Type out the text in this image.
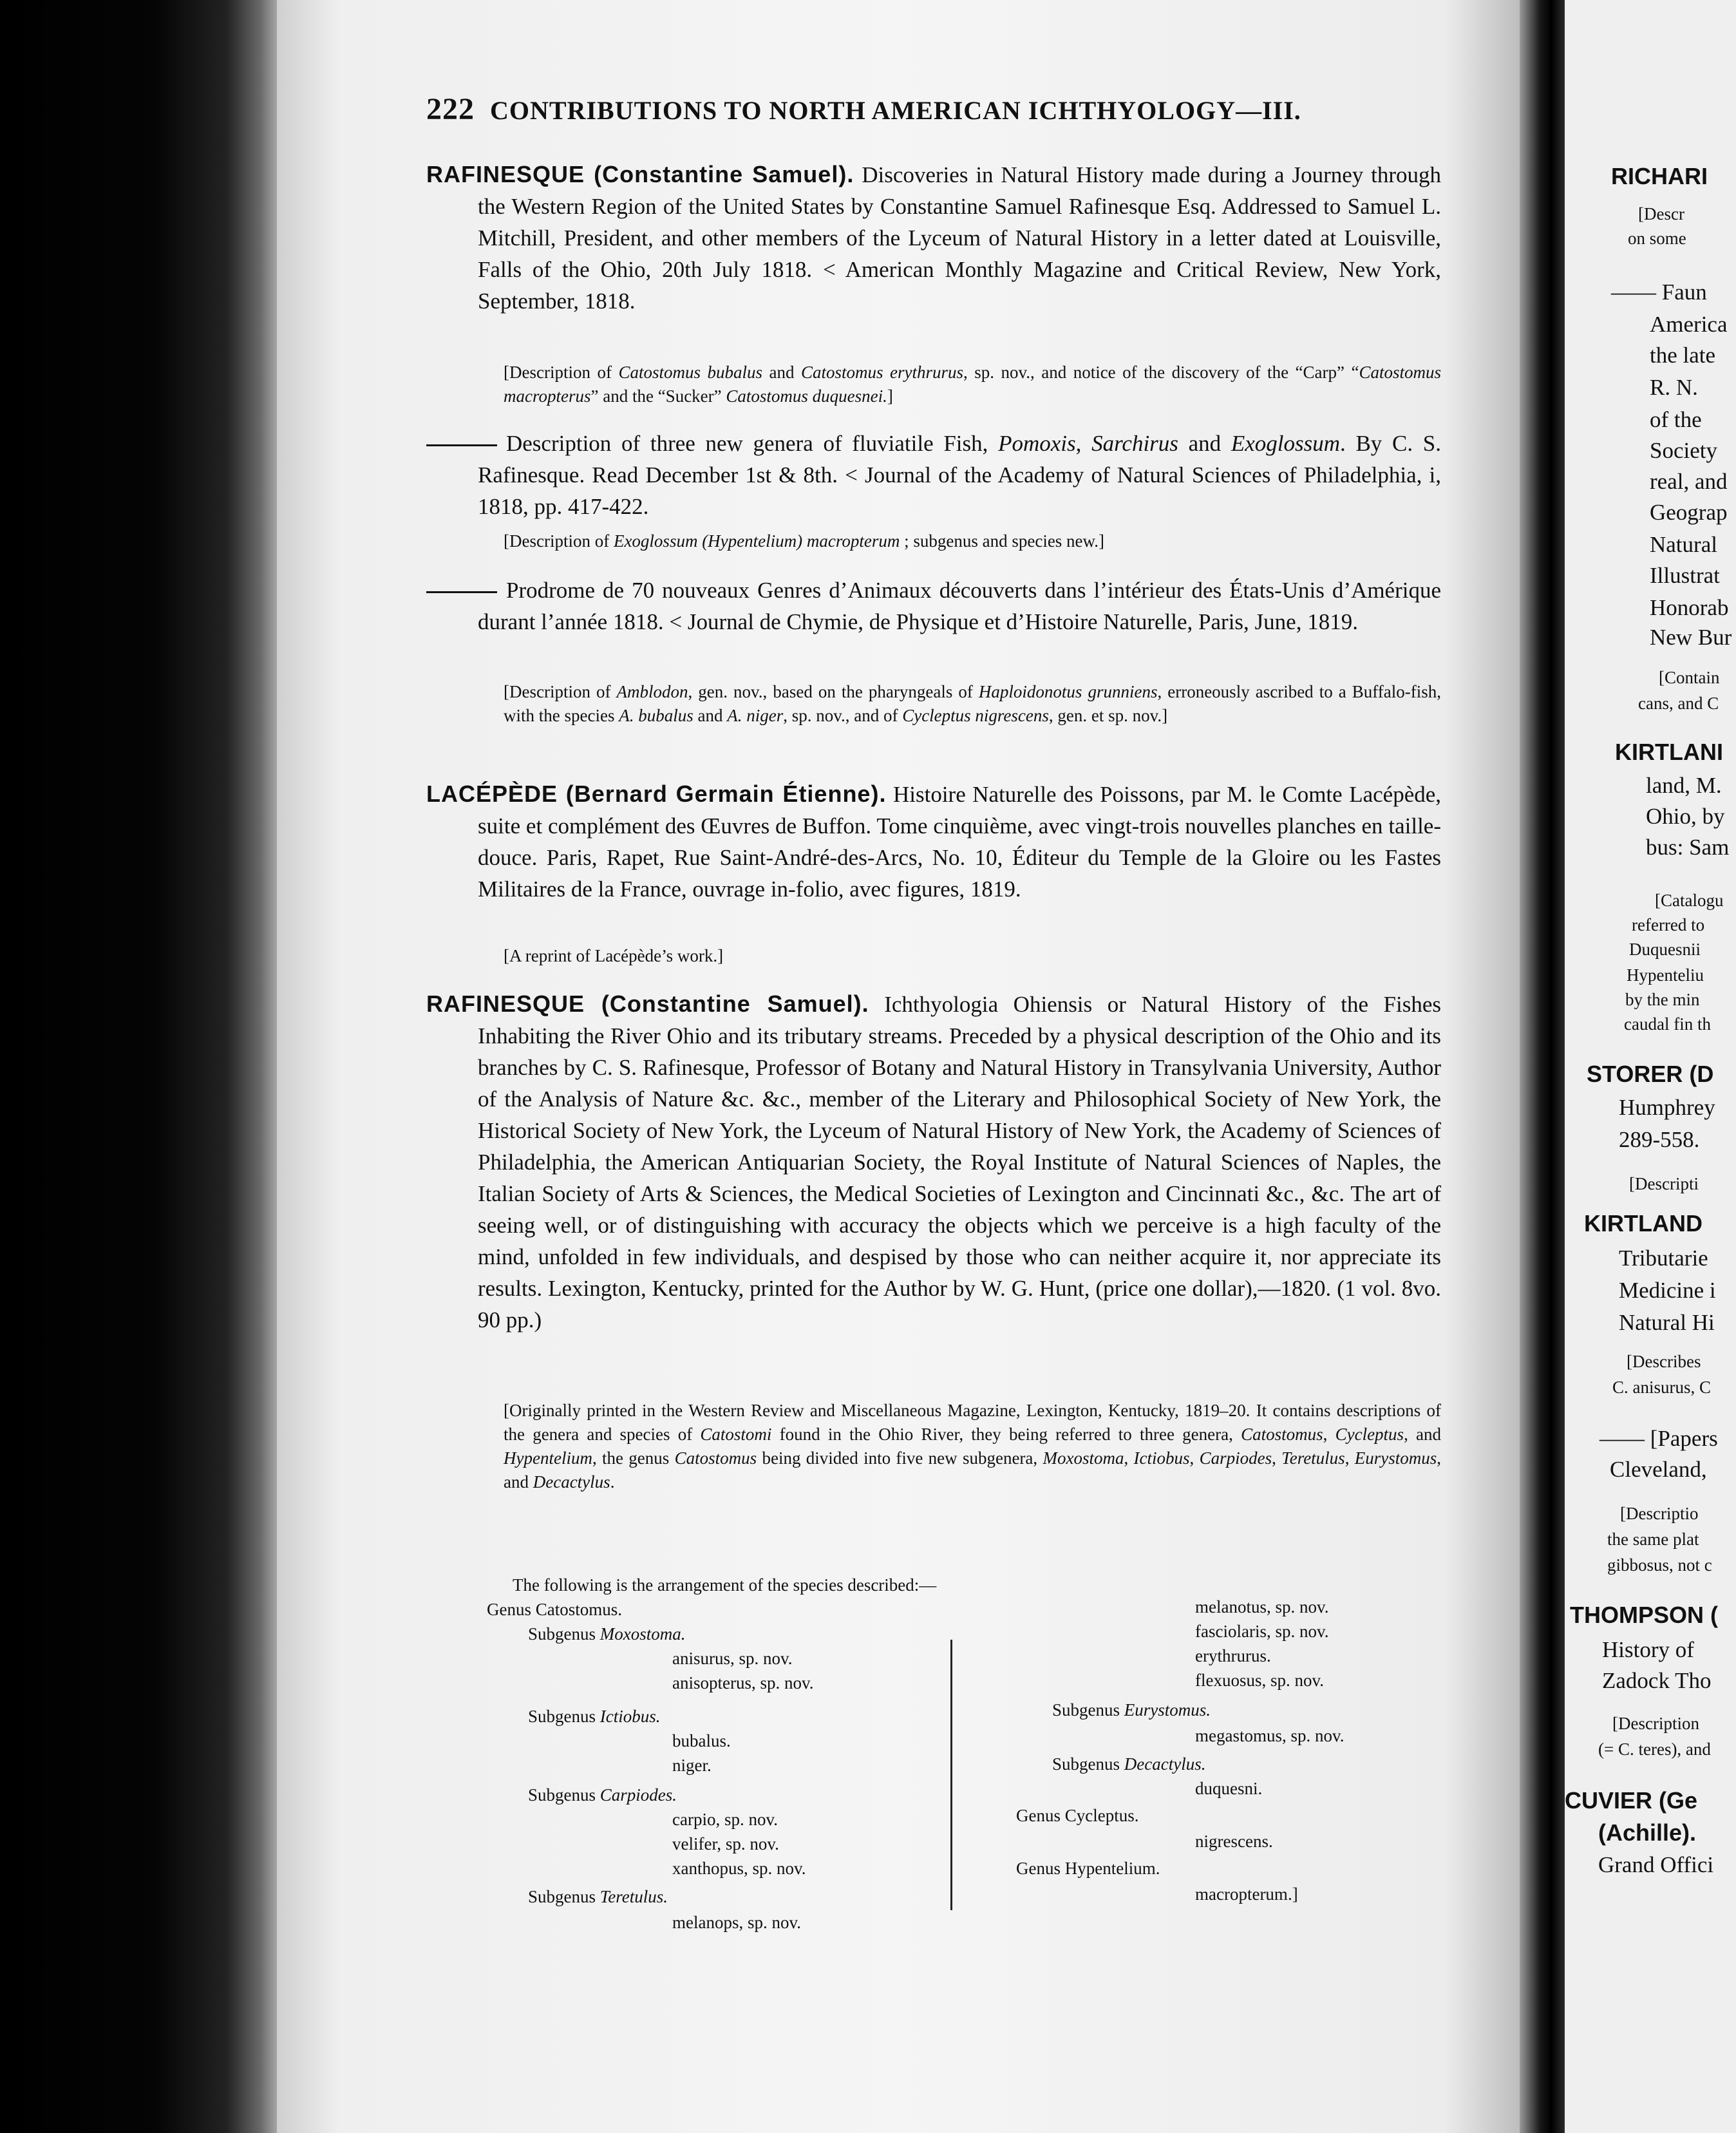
222 CONTRIBUTIONS TO NORTH AMERICAN ICHTHYOLOGY—III.
RAFINESQUE (Constantine Samuel). Discoveries in Natural History made during a Journey through the Western Region of the United States by Constantine Samuel Rafinesque Esq. Addressed to Samuel L. Mitchill, President, and other members of the Lyceum of Natural History in a letter dated at Louisville, Falls of the Ohio, 20th July 1818. < American Monthly Magazine and Critical Review, New York, September, 1818.
[Description of Catostomus bubalus and Catostomus erythrurus, sp. nov., and notice of the discovery of the “Carp” “Catostomus macropterus” and the “Sucker” Catostomus duquesnei.]
Description of three new genera of fluviatile Fish, Pomoxis, Sarchirus and Exoglossum. By C. S. Rafinesque. Read December 1st & 8th. < Journal of the Academy of Natural Sciences of Philadelphia, i, 1818, pp. 417-422.
[Description of Exoglossum (Hypentelium) macropterum ; subgenus and species new.]
Prodrome de 70 nouveaux Genres d’Animaux découverts dans l’intérieur des États-Unis d’Amérique durant l’année 1818. < Journal de Chymie, de Physique et d’Histoire Naturelle, Paris, June, 1819.
[Description of Amblodon, gen. nov., based on the pharyngeals of Haploidonotus grunniens, erroneously ascribed to a Buffalo-fish, with the species A. bubalus and A. niger, sp. nov., and of Cycleptus nigrescens, gen. et sp. nov.]
LACÉPÈDE (Bernard Germain Étienne). Histoire Naturelle des Poissons, par M. le Comte Lacépède, suite et complément des Œuvres de Buffon. Tome cinquième, avec vingt-trois nouvelles planches en taille-douce. Paris, Rapet, Rue Saint-André-des-Arcs, No. 10, Éditeur du Temple de la Gloire ou les Fastes Militaires de la France, ouvrage in-folio, avec figures, 1819.
[A reprint of Lacépède’s work.]
RAFINESQUE (Constantine Samuel). Ichthyologia Ohiensis or Natural History of the Fishes Inhabiting the River Ohio and its tributary streams. Preceded by a physical description of the Ohio and its branches by C. S. Rafinesque, Professor of Botany and Natural History in Transylvania University, Author of the Analysis of Nature &c. &c., member of the Literary and Philosophical Society of New York, the Historical Society of New York, the Lyceum of Natural History of New York, the Academy of Sciences of Philadelphia, the American Antiquarian Society, the Royal Institute of Natural Sciences of Naples, the Italian Society of Arts & Sciences, the Medical Societies of Lexington and Cincinnati &c., &c. The art of seeing well, or of distinguishing with accuracy the objects which we perceive is a high faculty of the mind, unfolded in few individuals, and despised by those who can neither acquire it, nor appreciate its results. Lexington, Kentucky, printed for the Author by W. G. Hunt, (price one dollar),—1820. (1 vol. 8vo. 90 pp.)
[Originally printed in the Western Review and Miscellaneous Magazine, Lexington, Kentucky, 1819–20. It contains descriptions of the genera and species of Catostomi found in the Ohio River, they being referred to three genera, Catostomus, Cycleptus, and Hypentelium, the genus Catostomus being divided into five new subgenera, Moxostoma, Ictiobus, Carpiodes, Teretulus, Eurystomus, and Decactylus.
The following is the arrangement of the species described:—
Genus Catostomus.
Subgenus Moxostoma.
anisurus, sp. nov.
anisopterus, sp. nov.
Subgenus Ictiobus.
bubalus.
niger.
Subgenus Carpiodes.
carpio, sp. nov.
velifer, sp. nov.
xanthopus, sp. nov.
Subgenus Teretulus.
melanops, sp. nov.
melanotus, sp. nov.
fasciolaris, sp. nov.
erythrurus.
flexuosus, sp. nov.
Subgenus Eurystomus.
megastomus, sp. nov.
Subgenus Decactylus.
duquesni.
Genus Cycleptus.
nigrescens.
Genus Hypentelium.
macropterum.]
RICHARI
[Descr
on some
—— Faun
America
the late
R. N.
of the
Society
real, and
Geograp
Natural
Illustrat
Honorab
New Bur
[Contain
cans, and C
KIRTLANI
land, M.
Ohio, by
bus: Sam
[Catalogu
referred to
Duquesnii
Hypenteliu
by the min
caudal fin th
STORER (D
Humphrey
289-558.
[Descripti
KIRTLAND
Tributarie
Medicine i
Natural Hi
[Describes
C. anisurus, C
—— [Papers
Cleveland,
[Descriptio
the same plat
gibbosus, not c
THOMPSON (
History of
Zadock Tho
[Description
(= C. teres), and
CUVIER (Ge
(Achille).
Grand Offici
